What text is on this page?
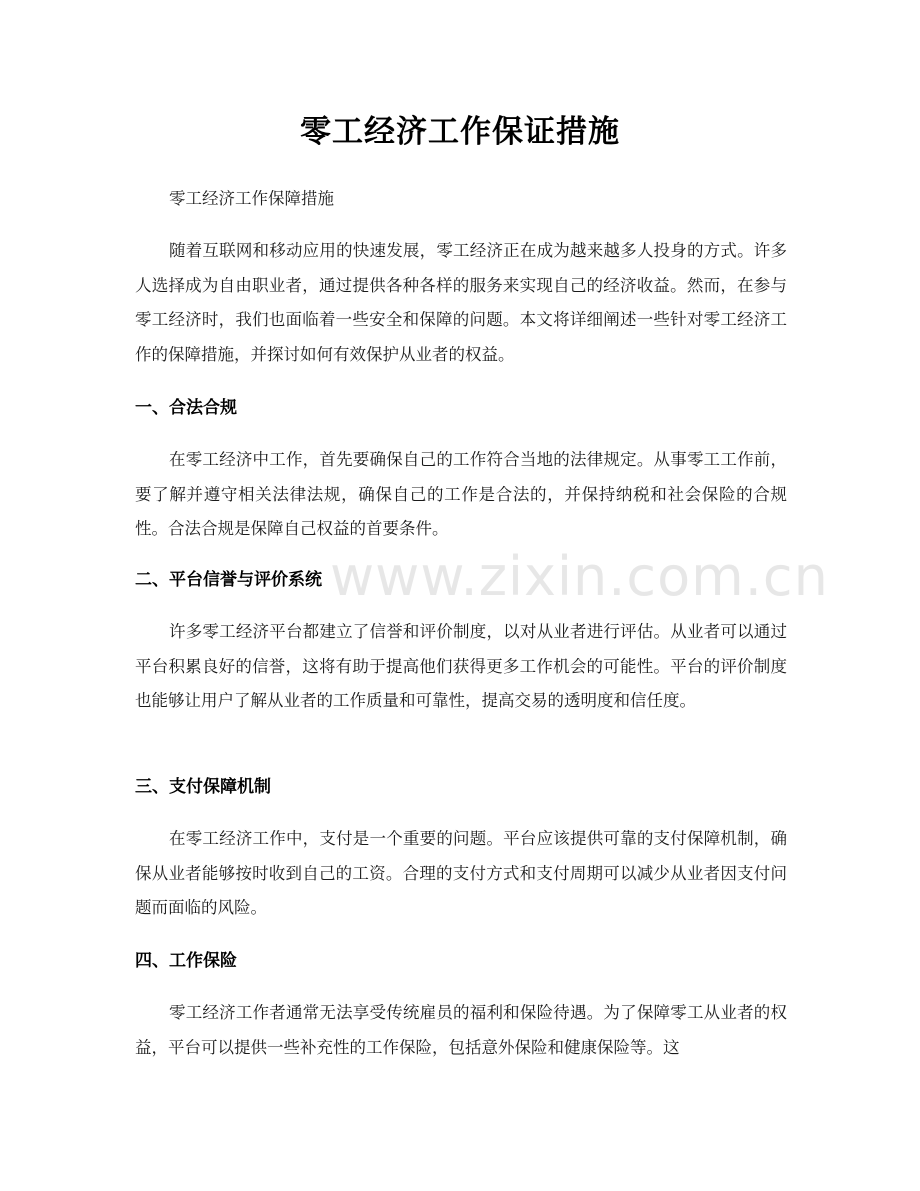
零工经济工作保证措施

零工经济工作保障措施

随着互联网和移动应用的快速发展，零工经济正在成为越来越多人投身的方式。许多人选择成为自由职业者，通过提供各种各样的服务来实现自己的经济收益。然而，在参与零工经济时，我们也面临着一些安全和保障的问题。本文将详细阐述一些针对零工经济工作的保障措施，并探讨如何有效保护从业者的权益。

一、合法合规

在零工经济中工作，首先要确保自己的工作符合当地的法律规定。从事零工工作前，要了解并遵守相关法律法规，确保自己的工作是合法的，并保持纳税和社会保险的合规性。合法合规是保障自己权益的首要条件。

二、平台信誉与评价系统

许多零工经济平台都建立了信誉和评价制度，以对从业者进行评估。从业者可以通过平台积累良好的信誉，这将有助于提高他们获得更多工作机会的可能性。平台的评价制度也能够让用户了解从业者的工作质量和可靠性，提高交易的透明度和信任度。

三、支付保障机制

在零工经济工作中，支付是一个重要的问题。平台应该提供可靠的支付保障机制，确保从业者能够按时收到自己的工资。合理的支付方式和支付周期可以减少从业者因支付问题而面临的风险。

四、工作保险

零工经济工作者通常无法享受传统雇员的福利和保险待遇。为了保障零工从业者的权益，平台可以提供一些补充性的工作保险，包括意外保险和健康保险等。这

www.zixin.com.cn
